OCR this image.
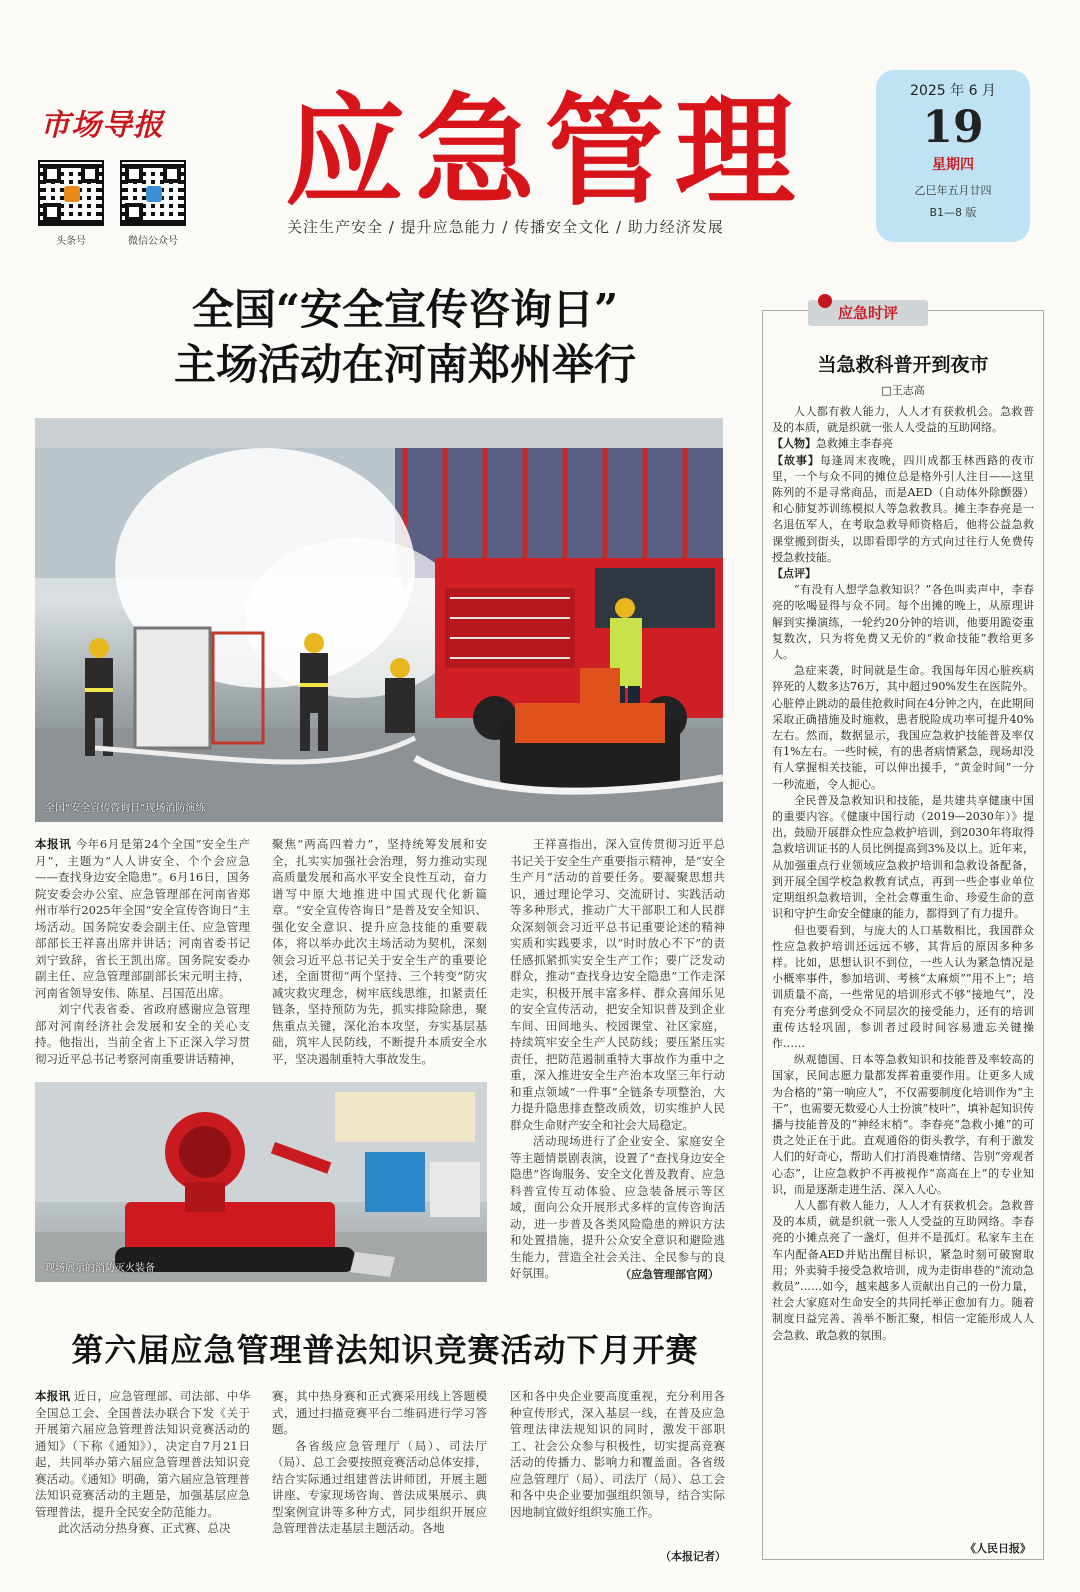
市场导报
头条号	微信公众号
应急管理
关注生产安全 / 提升应急能力 / 传播安全文化 / 助力经济发展
2025 年 6 月
19
星期四
乙巳年五月廿四
B1—8 版
全国“安全宣传咨询日”
主场活动在河南郑州举行
全国“安全宣传咨询日”现场消防演练
本报讯 今年6月是第24个全国“安全生产月”，主题为“人人讲安全、个个会应急——查找身边安全隐患”。6月16日，国务院安委会办公室、应急管理部在河南省郑州市举行2025年全国“安全宣传咨询日”主场活动。国务院安委会副主任、应急管理部部长王祥喜出席并讲话；河南省委书记刘宁致辞，省长王凯出席。国务院安委办副主任、应急管理部副部长宋元明主持，河南省领导安伟、陈星、吕国范出席。
刘宁代表省委、省政府感谢应急管理部对河南经济社会发展和安全的关心支持。他指出，当前全省上下正深入学习贯彻习近平总书记考察河南重要讲话精神，
聚焦“两高四着力”，坚持统筹发展和安全，扎实实加强社会治理，努力推动实现高质量发展和高水平安全良性互动，奋力谱写中原大地推进中国式现代化新篇章。“安全宣传咨询日”是普及安全知识、强化安全意识、提升应急技能的重要载体，将以举办此次主场活动为契机，深刻领会习近平总书记关于安全生产的重要论述，全面贯彻“两个坚持、三个转变”防灾减灾救灾理念，树牢底线思维，扣紧责任链条，坚持预防为先，抓实排险除患，聚焦重点关键，深化治本攻坚，夯实基层基础，筑牢人民防线，不断提升本质安全水平，坚决遏制重特大事故发生。
王祥喜指出，深入宣传贯彻习近平总书记关于安全生产重要指示精神，是“安全生产月”活动的首要任务。要凝聚思想共识，通过理论学习、交流研讨、实践活动等多种形式，推动广大干部职工和人民群众深刻领会习近平总书记重要论述的精神实质和实践要求，以“时时放心不下”的责任感抓紧抓实安全生产工作；要广泛发动群众，推动“查找身边安全隐患”工作走深走实，积极开展丰富多样、群众喜闻乐见的安全宣传活动，把安全知识普及到企业车间、田间地头、校园课堂、社区家庭，持续筑牢安全生产人民防线；要压紧压实责任，把防范遏制重特大事故作为重中之重，深入推进安全生产治本攻坚三年行动和重点领域“一件事”全链条专项整治，大力提升隐患排查整改质效，切实维护人民群众生命财产安全和社会大局稳定。
活动现场进行了企业安全、家庭安全等主题情景剧表演，设置了“查找身边安全隐患”咨询服务、安全文化普及教育、应急科普宣传互动体验、应急装备展示等区域，面向公众开展形式多样的宣传咨询活动，进一步普及各类风险隐患的辨识方法和处置措施，提升公众安全意识和避险逃生能力，营造全社会关注、全民参与的良好氛围。
现场展示的消防灭火装备	（应急管理部官网）
第六届应急管理普法知识竞赛活动下月开赛
本报讯 近日，应急管理部、司法部、中华全国总工会、全国普法办联合下发《关于开展第六届应急管理普法知识竞赛活动的通知》（下称《通知》），决定自7月21日起，共同举办第六届应急管理普法知识竞赛活动。《通知》明确，第六届应急管理普法知识竞赛活动的主题是，加强基层应急管理普法，提升全民安全防范能力。
此次活动分热身赛、正式赛、总决
赛，其中热身赛和正式赛采用线上答题模式，通过扫描竞赛平台二维码进行学习答题。
各省级应急管理厅（局）、司法厅（局）、总工会要按照竞赛活动总体安排，结合实际通过组建普法讲师团，开展主题讲座、专家现场咨询、普法成果展示、典型案例宣讲等多种方式，同步组织开展应急管理普法走基层主题活动。各地
区和各中央企业要高度重视，充分利用各种宣传形式，深入基层一线，在普及应急管理法律法规知识的同时，激发干部职工、社会公众参与积极性，切实提高竞赛活动的传播力、影响力和覆盖面。各省级应急管理厅（局）、司法厅（局）、总工会和各中央企业要加强组织领导，结合实际因地制宜做好组织实施工作。
（本报记者）
应急时评
当急救科普开到夜市
□王志高

人人都有救人能力，人人才有获救机会。急救普及的本质，就是织就一张人人受益的互助网络。

【人物】急救摊主李春亮

【故事】每逢周末夜晚，四川成都玉林西路的夜市里，一个与众不同的摊位总是格外引人注目——这里陈列的不是寻常商品，而是AED（自动体外除颤器）和心肺复苏训练模拟人等急救教具。摊主李春亮是一名退伍军人，在考取急救导师资格后，他将公益急救课堂搬到街头，以即看即学的方式向过往行人免费传授急救技能。

【点评】

“有没有人想学急救知识？”各色叫卖声中，李春亮的吆喝显得与众不同。每个出摊的晚上，从原理讲解到实操演练，一轮约20分钟的培训，他要用跪姿重复数次，只为将免费又无价的“救命技能”教给更多人。

急症来袭，时间就是生命。我国每年因心脏疾病猝死的人数多达76万，其中超过90%发生在医院外。心脏停止跳动的最佳抢救时间在4分钟之内，在此期间采取正确措施及时施救，患者脱险成功率可提升40%左右。然而，数据显示，我国应急救护技能普及率仅有1%左右。一些时候，有的患者病情紧急，现场却没有人掌握相关技能，可以伸出援手，“黄金时间”一分一秒流逝，令人扼心。

全民普及急救知识和技能，是共建共享健康中国的重要内容。《健康中国行动（2019—2030年）》提出，鼓励开展群众性应急救护培训，到2030年将取得急救培训证书的人员比例提高到3%及以上。近年来，从加强重点行业领域应急救护培训和急救设备配备，到开展全国学校急救教育试点，再到一些企事业单位定期组织急救培训，全社会尊重生命、珍爱生命的意识和守护生命安全健康的能力，都得到了有力提升。

但也要看到，与庞大的人口基数相比，我国群众性应急救护培训还远远不够，其背后的原因多种多样。比如，思想认识不到位，一些人认为紧急情况是小概率事件，参加培训、考核“太麻烦”“用不上”；培训质量不高，一些常见的培训形式不够“接地气”，没有充分考虑到受众不同层次的接受能力，还有的培训重传达轻巩固，参训者过段时间容易遗忘关键操作……

纵观德国、日本等急救知识和技能普及率较高的国家，民间志愿力量都发挥着重要作用。让更多人成为合格的“第一响应人”，不仅需要制度化培训作为“主干”，也需要无数爱心人士扮演“枝叶”，填补起知识传播与技能普及的“神经末梢”。李春亮“急救小摊”的可贵之处正在于此。直观通俗的街头教学，有利于激发人们的好奇心，帮助人们打消畏难情绪、告别“旁观者心态”，让应急救护不再被视作“高高在上”的专业知识，而是逐渐走进生活、深入人心。

人人都有救人能力，人人才有获救机会。急救普及的本质，就是织就一张人人受益的互助网络。李春亮的小摊点亮了一盏灯，但并不是孤灯。私家车主在车内配备AED并贴出醒目标识，紧急时刻可破窗取用；外卖骑手接受急救培训，成为走街串巷的“流动急救员”……如今，越来越多人贡献出自己的一份力量，社会大家庭对生命安全的共同托举正愈加有力。随着制度日益完善、善举不断汇聚，相信一定能形成人人会急救、敢急救的氛围。

《人民日报》
